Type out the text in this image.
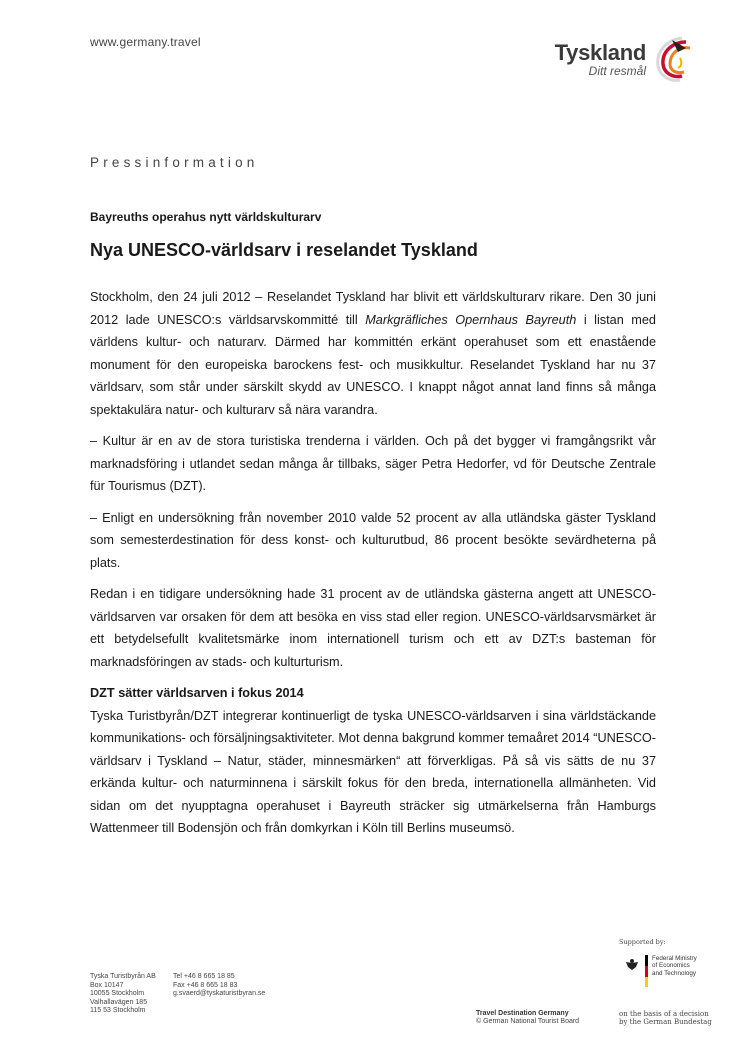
www.germany.travel	Tyskland
Ditt resmål
Pressinformation
Bayreuths operahus nytt världskulturarv
Nya UNESCO-världsarv i reselandet Tyskland

Stockholm, den 24 juli 2012 – Reselandet Tyskland har blivit ett världskulturarv rikare. Den 30 juni 2012 lade UNESCO:s världsarvskommitté till Markgräfliches Opernhaus Bayreuth i listan med världens kultur- och naturarv. Därmed har kommittén erkänt operahuset som ett enastående monument för den europeiska barockens fest- och musikkultur. Reselandet Tyskland har nu 37 världsarv, som står under särskilt skydd av UNESCO. I knappt något annat land finns så många spektakulära natur- och kulturarv så nära varandra.

– Kultur är en av de stora turistiska trenderna i världen. Och på det bygger vi framgångsrikt vår marknadsföring i utlandet sedan många år tillbaks, säger Petra Hedorfer, vd för Deutsche Zentrale für Tourismus (DZT).

– Enligt en undersökning från november 2010 valde 52 procent av alla utländska gäster Tyskland som semesterdestination för dess konst- och kulturutbud, 86 procent besökte sevärdheterna på plats.

Redan i en tidigare undersökning hade 31 procent av de utländska gästerna angett att UNESCO-världsarven var orsaken för dem att besöka en viss stad eller region. UNESCO-världsarvsmärket är ett betydelsefullt kvalitetsmärke inom internationell turism och ett av DZT:s basteman för marknadsföringen av stads- och kulturturism.

DZT sätter världsarven i fokus 2014

Tyska Turistbyrån/DZT integrerar kontinuerligt de tyska UNESCO-världsarven i sina världstäckande kommunikations- och försäljningsaktiviteter. Mot denna bakgrund kommer temaåret 2014 “UNESCO-världsarv i Tyskland – Natur, städer, minnesmärken“ att förverkligas. På så vis sätts de nu 37 erkända kultur- och naturminnena i särskilt fokus för den breda, internationella allmänheten. Vid sidan om det nyupptagna operahuset i Bayreuth sträcker sig utmärkelserna från Hamburgs Wattenmeer till Bodensjön och från domkyrkan i Köln till Berlins museumsö.

Tyska Turistbyrån AB
Box 10147
10055 Stockholm
Valhallavägen 185
115 53 Stockholm
Tel +46 8 665 18 85
Fax +46 8 665 18 83
g.svaerd@tyskaturistbyran.se
Travel Destination Germany
© German National Tourist Board
Supported by:
Federal Ministry
of Economics
and Technology
on the basis of a decision
by the German Bundestag
